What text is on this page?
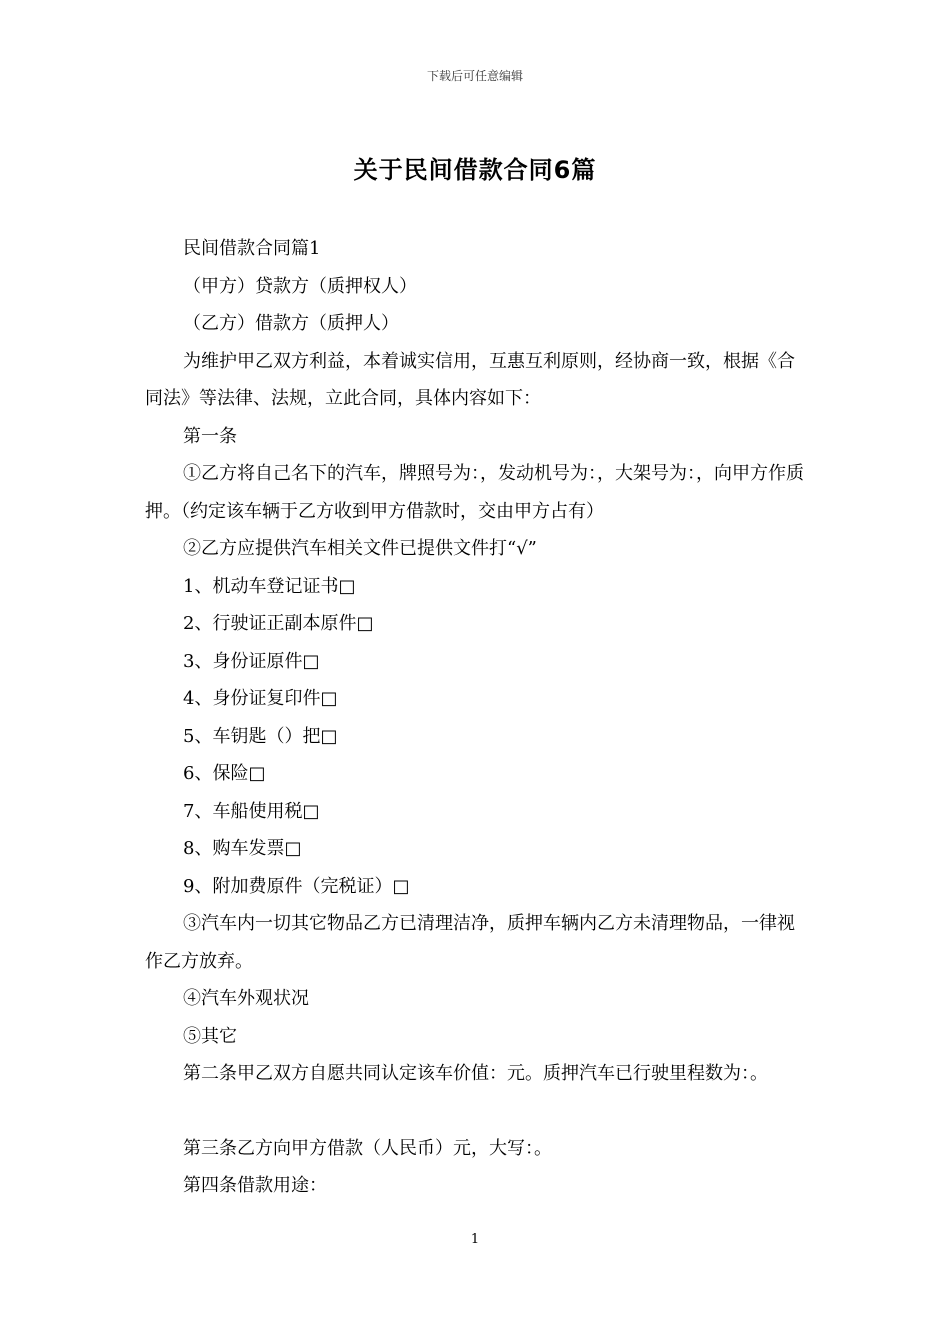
下载后可任意编辑
关于民间借款合同6篇

民间借款合同篇1

（甲方）贷款方（质押权人）

（乙方）借款方（质押人）

为维护甲乙双方利益，本着诚实信用，互惠互利原则，经协商一致，根据《合同法》等法律、法规，立此合同，具体内容如下：

第一条

①乙方将自己名下的汽车，牌照号为：，发动机号为：，大架号为：，向甲方作质押。（约定该车辆于乙方收到甲方借款时，交由甲方占有）

②乙方应提供汽车相关文件已提供文件打“√”

1、机动车登记证书□

2、行驶证正副本原件□

3、身份证原件□

4、身份证复印件□

5、车钥匙（）把□

6、保险□

7、车船使用税□

8、购车发票□

9、附加费原件（完税证）□

③汽车内一切其它物品乙方已清理洁净，质押车辆内乙方未清理物品，一律视作乙方放弃。

④汽车外观状况

⑤其它

第二条甲乙双方自愿共同认定该车价值：元。质押汽车已行驶里程数为：。

第三条乙方向甲方借款（人民币）元，大写：。

第四条借款用途：

1
